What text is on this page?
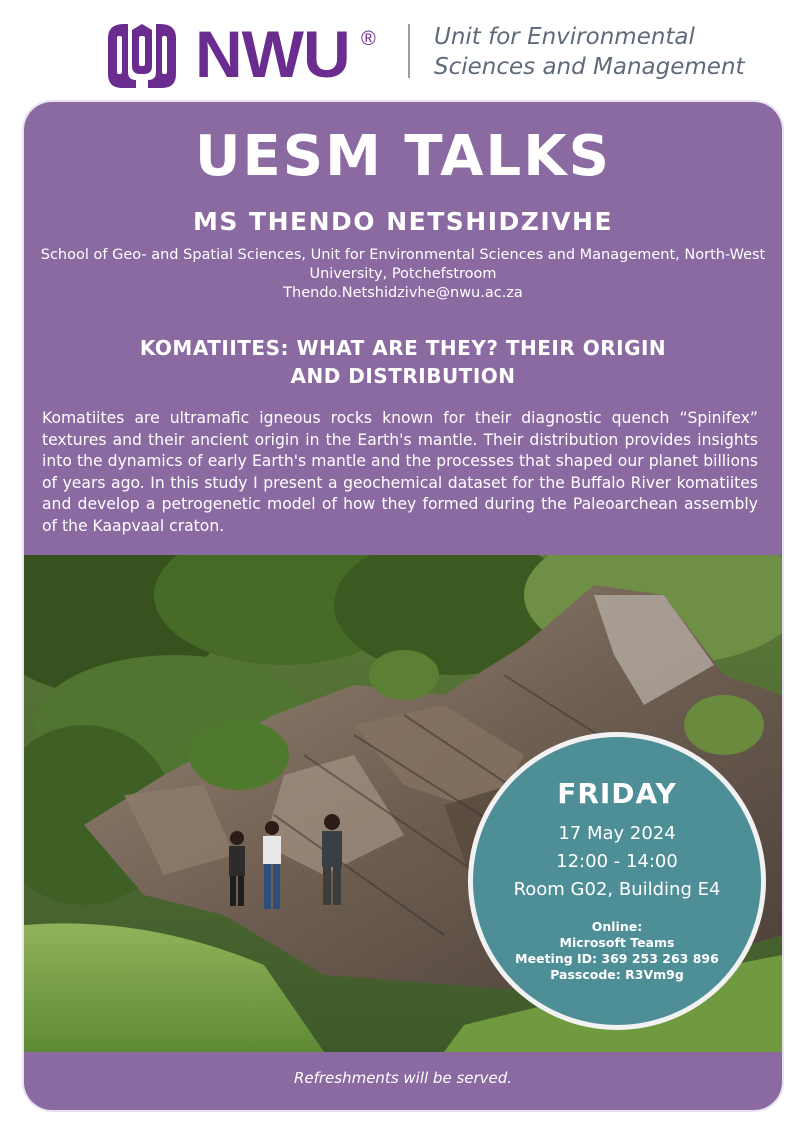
NWU ®	Unit for Environmental
Sciences and Management
UESM TALKS
MS THENDO NETSHIDZIVHE
School of Geo- and Spatial Sciences, Unit for Environmental Sciences and Management, North-West University, Potchefstroom
Thendo.Netshidzivhe@nwu.ac.za
KOMATIITES: WHAT ARE THEY? THEIR ORIGIN
AND DISTRIBUTION
Komatiites are ultramafic igneous rocks known for their diagnostic quench “Spinifex” textures and their ancient origin in the Earth's mantle. Their distribution provides insights into the dynamics of early Earth's mantle and the processes that shaped our planet billions of years ago. In this study I present a geochemical dataset for the Buffalo River komatiites and develop a petrogenetic model of how they formed during the Paleoarchean assembly of the Kaapvaal craton.
FRIDAY
17 May 2024
12:00 - 14:00
Room G02, Building E4
Online:
Microsoft Teams
Meeting ID: 369 253 263 896
Passcode: R3Vm9g
Refreshments will be served.
